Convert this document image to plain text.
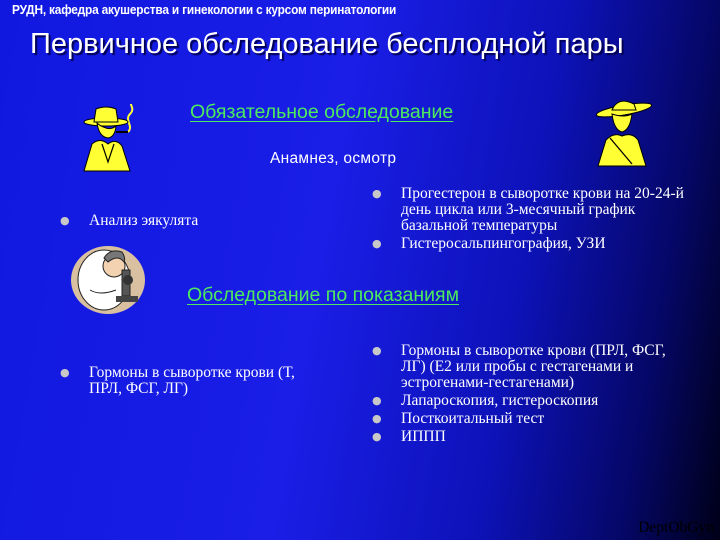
РУДН, кафедра акушерства и гинекологии с курсом перинатологии
Первичное обследование бесплодной пары
Обязательное обследование
Анамнез, осмотр
● Анализ эякулята
● Прогестерон в сыворотке крови на 20-24-й день цикла или 3-месячный график базальной температуры
● Гистеросальпингография, УЗИ
Обследование по показаниям
● Гормоны в сыворотке крови (Т, ПРЛ, ФСГ, ЛГ)
● Гормоны в сыворотке крови (ПРЛ, ФСГ, ЛГ) (Е2 или пробы с гестагенами и эстрогенами-гестагенами)
● Лапароскопия, гистероскопия
● Посткоитальный тест
● ИППП
DeptObGyn
